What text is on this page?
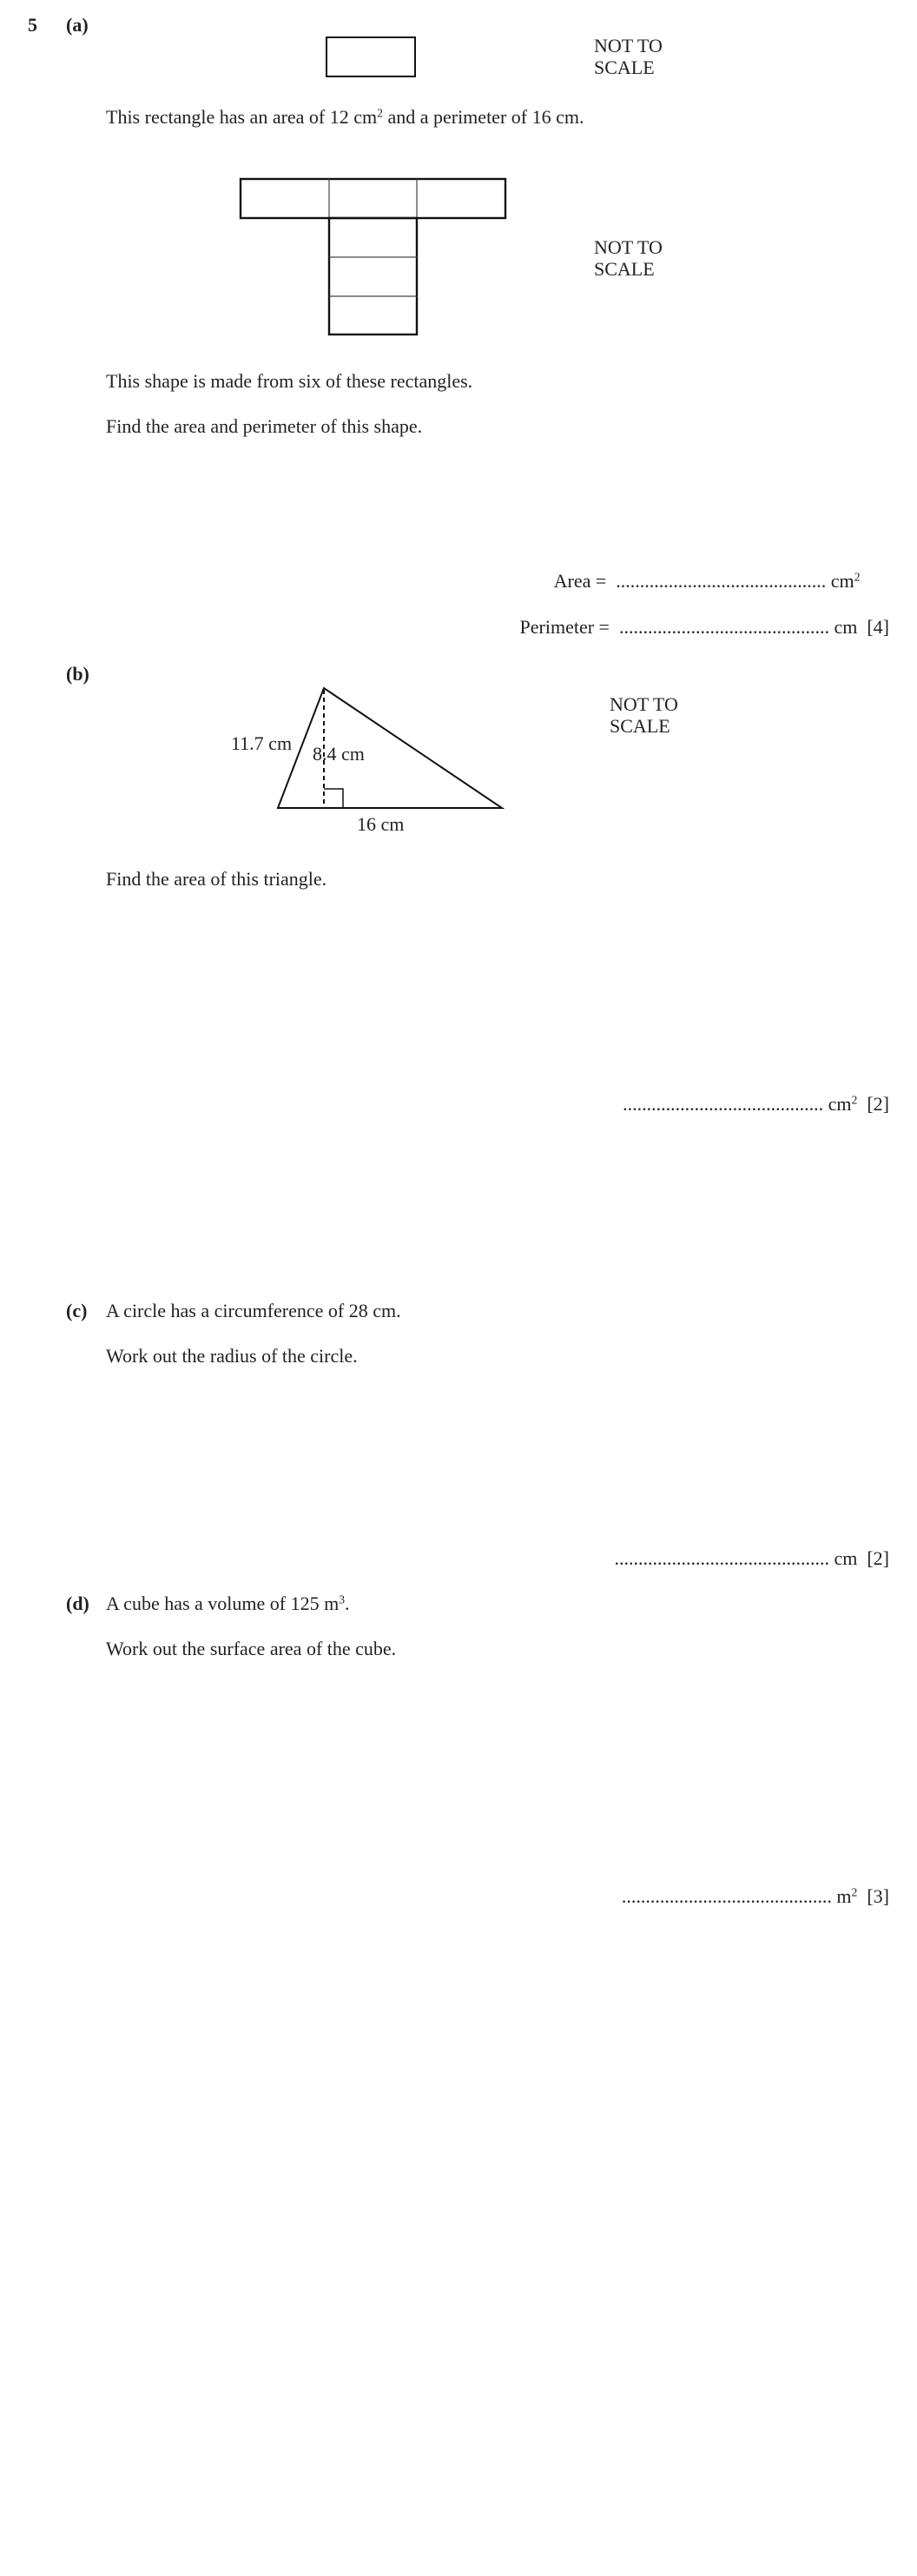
5 (a)
NOT TO
SCALE
This rectangle has an area of 12 $cm^2$ and a perimeter of 16 cm.
NOT TO
SCALE
This shape is made from six of these rectangles.
Find the area and perimeter of this shape.
Area = ............................................ $cm^2$
Perimeter = ............................................ cm [4]
(b)
11.7 cm 8.4 cm
16 cm
NOT TO
SCALE
Find the area of this triangle.
.......................................... $cm^2$ [2]
(c) A circle has a circumference of 28 cm.
Work out the radius of the circle.
............................................. cm [2]
(d) A cube has a volume of 125 $m^3$.
Work out the surface area of the cube.
............................................ $m^2$ [3]
